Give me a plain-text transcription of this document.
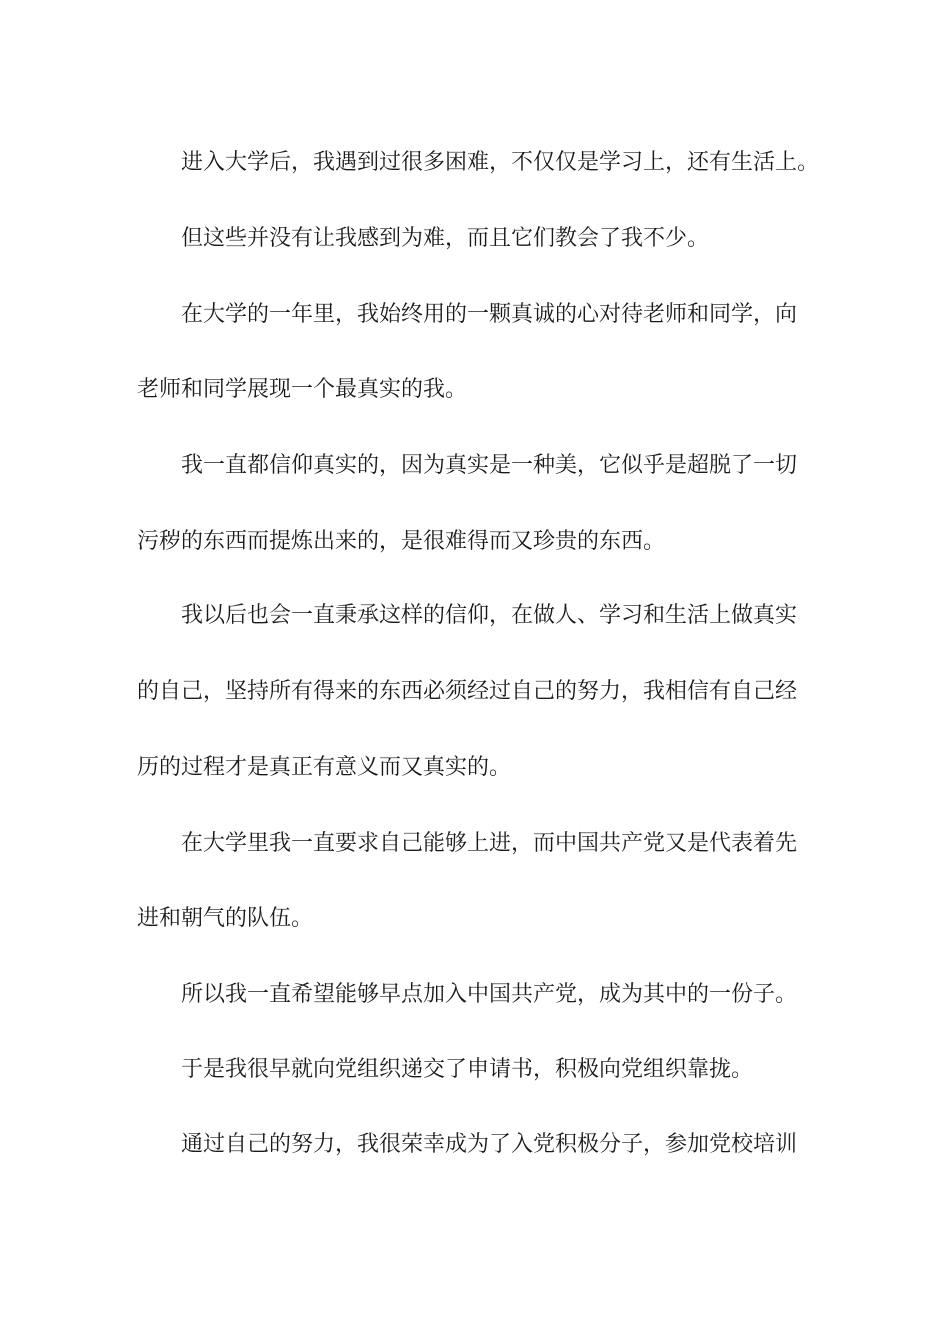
进入大学后，我遇到过很多困难，不仅仅是学习上，还有生活上。
但这些并没有让我感到为难，而且它们教会了我不少。
在大学的一年里，我始终用的一颗真诚的心对待老师和同学，向
老师和同学展现一个最真实的我。
我一直都信仰真实的，因为真实是一种美，它似乎是超脱了一切
污秽的东西而提炼出来的，是很难得而又珍贵的东西。
我以后也会一直秉承这样的信仰，在做人、学习和生活上做真实
的自己，坚持所有得来的东西必须经过自己的努力，我相信有自己经
历的过程才是真正有意义而又真实的。
在大学里我一直要求自己能够上进，而中国共产党又是代表着先
进和朝气的队伍。
所以我一直希望能够早点加入中国共产党，成为其中的一份子。
于是我很早就向党组织递交了申请书，积极向党组织靠拢。
通过自己的努力，我很荣幸成为了入党积极分子，参加党校培训
